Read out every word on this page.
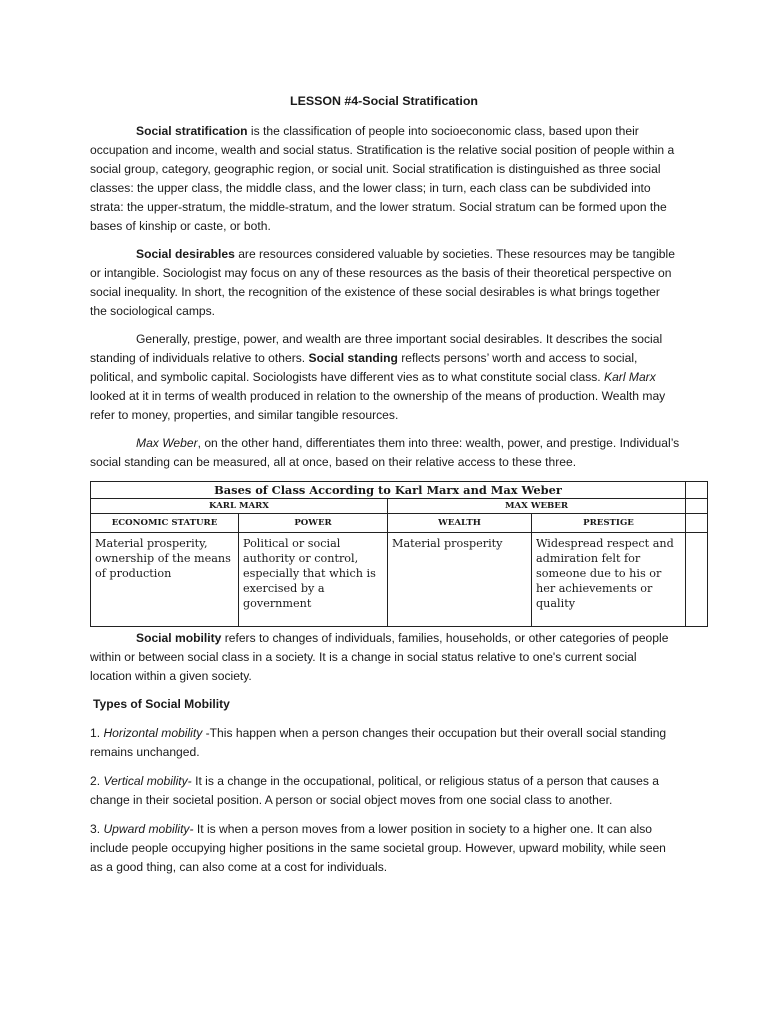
LESSON #4-Social Stratification

Social stratification is the classification of people into socioeconomic class, based upon their occupation and income, wealth and social status. Stratification is the relative social position of people within a social group, category, geographic region, or social unit. Social stratification is distinguished as three social classes: the upper class, the middle class, and the lower class; in turn, each class can be subdivided into strata: the upper-stratum, the middle-stratum, and the lower stratum. Social stratum can be formed upon the bases of kinship or caste, or both.

Social desirables are resources considered valuable by societies. These resources may be tangible or intangible. Sociologist may focus on any of these resources as the basis of their theoretical perspective on social inequality. In short, the recognition of the existence of these social desirables is what brings together the sociological camps.

Generally, prestige, power, and wealth are three important social desirables. It describes the social standing of individuals relative to others. Social standing reflects persons’ worth and access to social, political, and symbolic capital. Sociologists have different vies as to what constitute social class. Karl Marx looked at it in terms of wealth produced in relation to the ownership of the means of production. Wealth may refer to money, properties, and similar tangible resources.

Max Weber, on the other hand, differentiates them into three: wealth, power, and prestige. Individual’s social standing can be measured, all at once, based on their relative access to these three.

Bases of Class According to Karl Marx and Max Weber				
KARL MARX		MAX WEBER		
ECONOMIC STATURE	POWER	WEALTH	PRESTIGE	
Material prosperity, ownership of the means of production	Political or social authority or control, especially that which is exercised by a government	Material prosperity	Widespread respect and admiration felt for someone due to his or her achievements or quality	

Social mobility refers to changes of individuals, families, households, or other categories of people within or between social class in a society. It is a change in social status relative to one's current social location within a given society.

Types of Social Mobility

1. Horizontal mobility -This happen when a person changes their occupation but their overall social standing remains unchanged.

2. Vertical mobility- It is a change in the occupational, political, or religious status of a person that causes a change in their societal position. A person or social object moves from one social class to another.

3. Upward mobility- It is when a person moves from a lower position in society to a higher one. It can also include people occupying higher positions in the same societal group. However, upward mobility, while seen as a good thing, can also come at a cost for individuals.
